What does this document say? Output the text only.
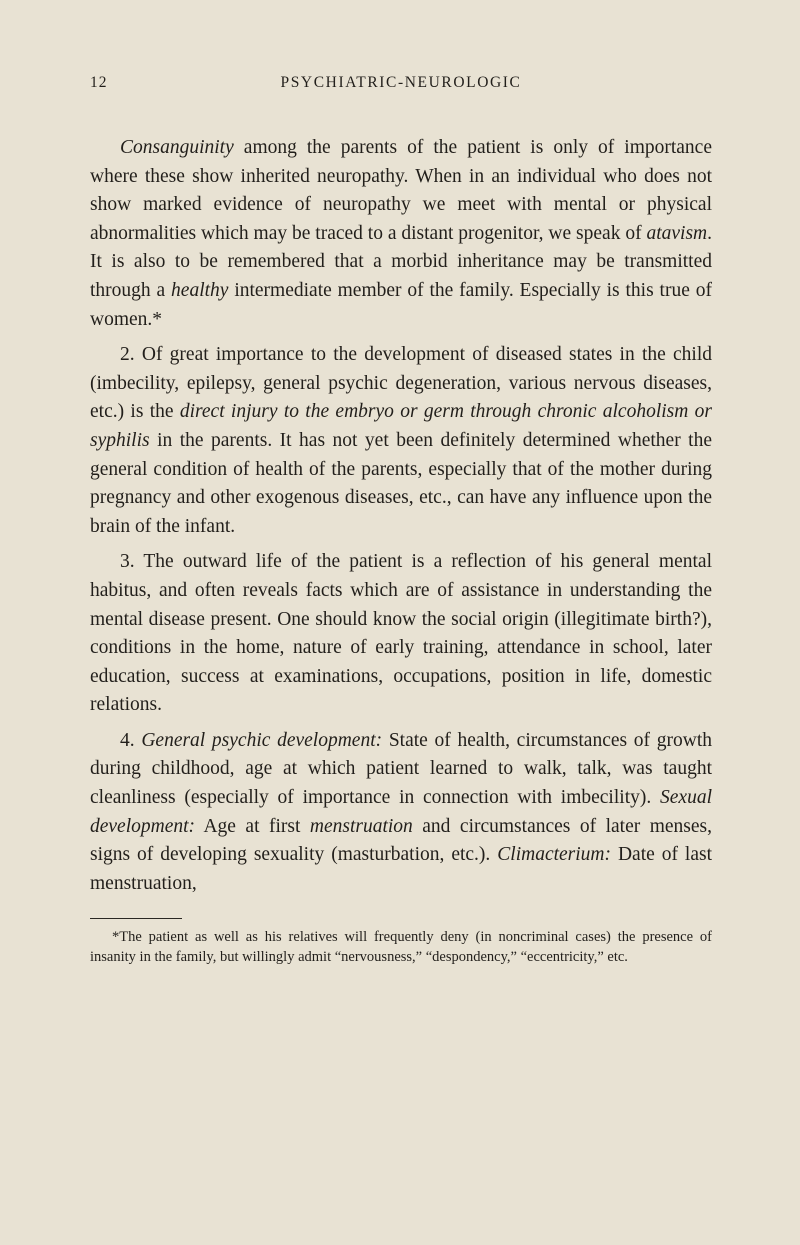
12	PSYCHIATRIC-NEUROLOGIC

Consanguinity among the parents of the patient is only of importance where these show inherited neuropathy. When in an individual who does not show marked evidence of neuropathy we meet with mental or physical abnormalities which may be traced to a distant progenitor, we speak of atavism. It is also to be remembered that a morbid inheritance may be transmitted through a healthy intermediate member of the family. Especially is this true of women.*

2. Of great importance to the development of diseased states in the child (imbecility, epilepsy, general psychic degeneration, various nervous diseases, etc.) is the direct injury to the embryo or germ through chronic alcoholism or syphilis in the parents. It has not yet been definitely determined whether the general condition of health of the parents, especially that of the mother during pregnancy and other exogenous diseases, etc., can have any influence upon the brain of the infant.

3. The outward life of the patient is a reflection of his general mental habitus, and often reveals facts which are of assistance in understanding the mental disease present. One should know the social origin (illegitimate birth?), conditions in the home, nature of early training, attendance in school, later education, success at examinations, occupations, position in life, domestic relations.

4. General psychic development: State of health, circumstances of growth during childhood, age at which patient learned to walk, talk, was taught cleanliness (especially of importance in connection with imbecility). Sexual development: Age at first menstruation and circumstances of later menses, signs of developing sexuality (masturbation, etc.). Climacterium: Date of last menstruation,

*The patient as well as his relatives will frequently deny (in noncriminal cases) the presence of insanity in the family, but willingly admit “nervousness,” “despondency,” “eccentricity,” etc.
